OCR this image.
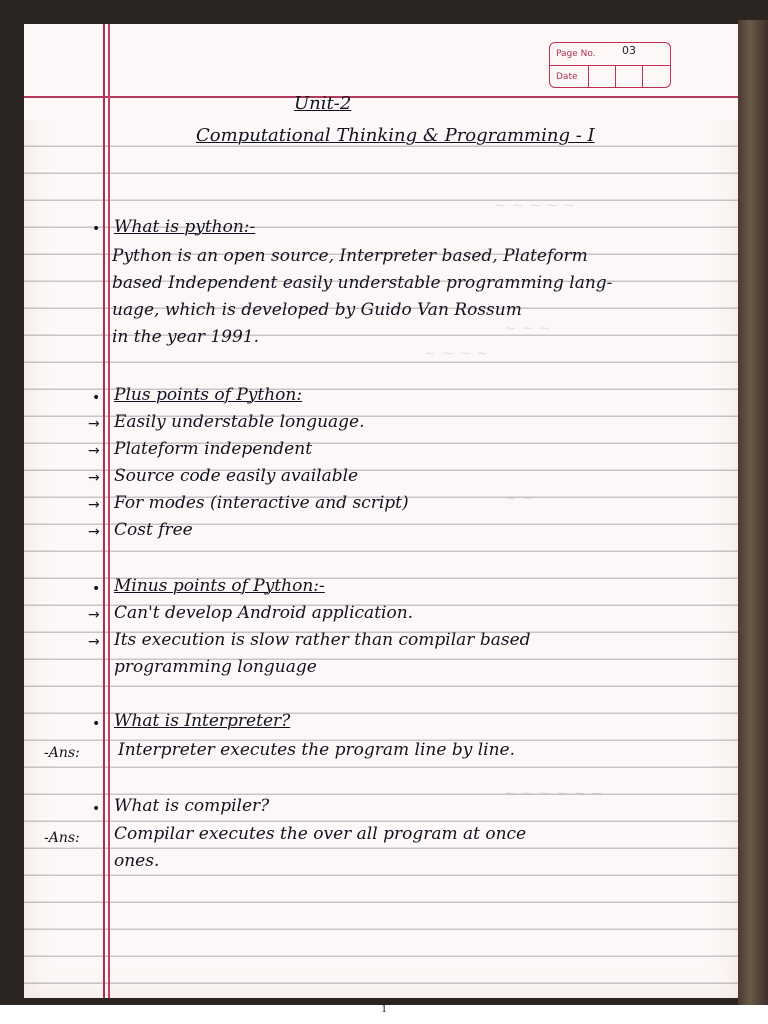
~ ~ ~ ~ ~
~ ~ ~
~ ~ ~ ~
~ ~
~ ~ ~ ~ ~ ~
Page No. 03
Date
Unit-2
Computational Thinking & Programming - I
• What is python:-
Python is an open source, Interpreter based, Plateform
based Independent easily understable programming lang-
uage, which is developed by Guido Van Rossum
in the year 1991.
• Plus points of Python:
→ Easily understable longuage.
→ Plateform independent
→ Source code easily available
→ For modes (interactive and script)
→ Cost free
• Minus points of Python:-
→ Can't develop Android application.
→ Its execution is slow rather than compilar based
programming longuage
• What is Interpreter?
-Ans: Interpreter executes the program line by line.
• What is compiler?
-Ans: Compilar executes the over all program at once
ones.
1
